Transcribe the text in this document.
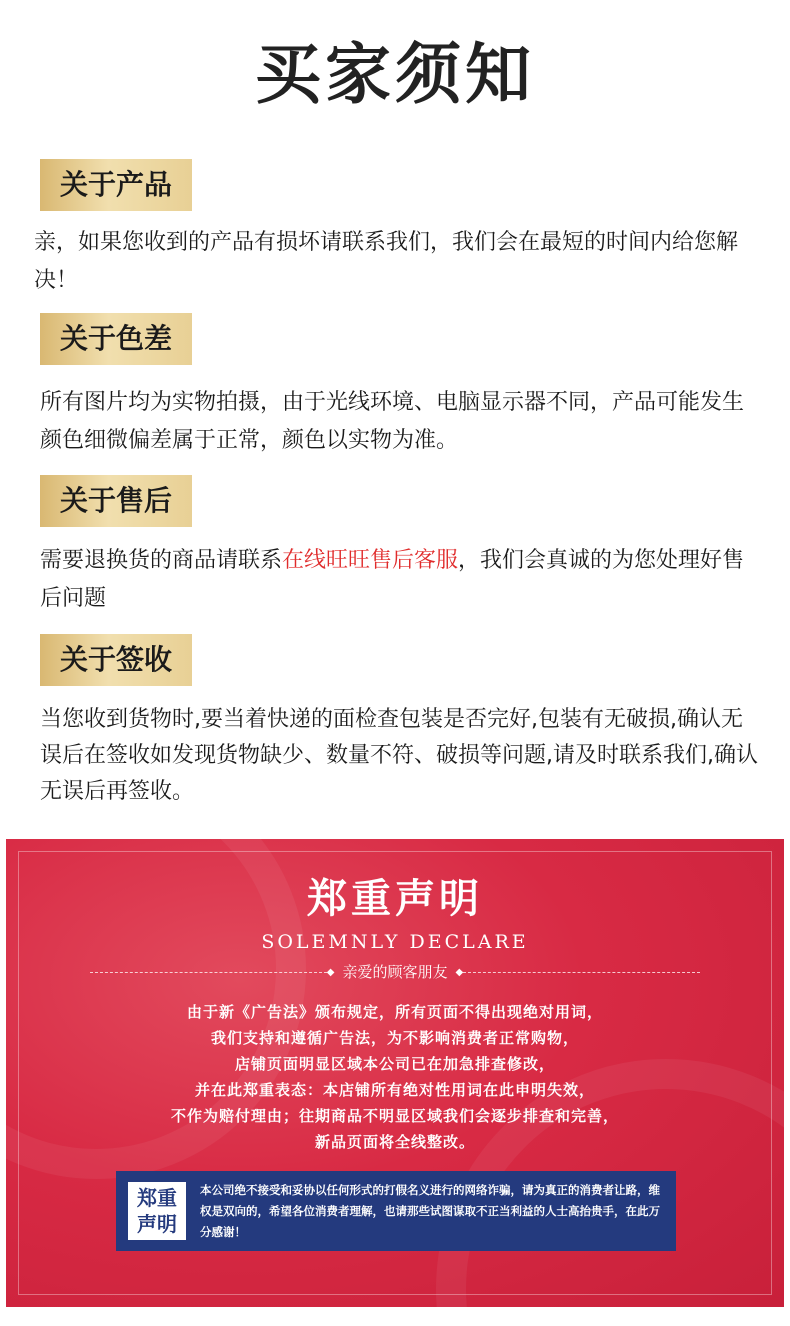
买家须知
关于产品
亲，如果您收到的产品有损坏请联系我们，我们会在最短的时间内给您解决！
关于色差
所有图片均为实物拍摄，由于光线环境、电脑显示器不同，产品可能发生颜色细微偏差属于正常，颜色以实物为准。
关于售后
需要退换货的商品请联系在线旺旺售后客服，我们会真诚的为您处理好售后问题
关于签收
当您收到货物时,要当着快递的面检查包装是否完好,包装有无破损,确认无误后在签收如发现货物缺少、数量不符、破损等问题,请及时联系我们,确认无误后再签收。
郑重声明
SOLEMNLY DECLARE
◆ 亲爱的顾客朋友 ◆
由于新《广告法》颁布规定，所有页面不得出现绝对用词，
我们支持和遵循广告法，为不影响消费者正常购物，
店铺页面明显区域本公司已在加急排查修改，
并在此郑重表态：本店铺所有绝对性用词在此申明失效，
不作为赔付理由；往期商品不明显区域我们会逐步排查和完善，
新品页面将全线整改。
郑重声明
本公司绝不接受和妥协以任何形式的打假名义进行的网络诈骗，请为真正的消费者让路，维权是双向的，希望各位消费者理解，也请那些试图谋取不正当利益的人士高抬贵手，在此万分感谢！
